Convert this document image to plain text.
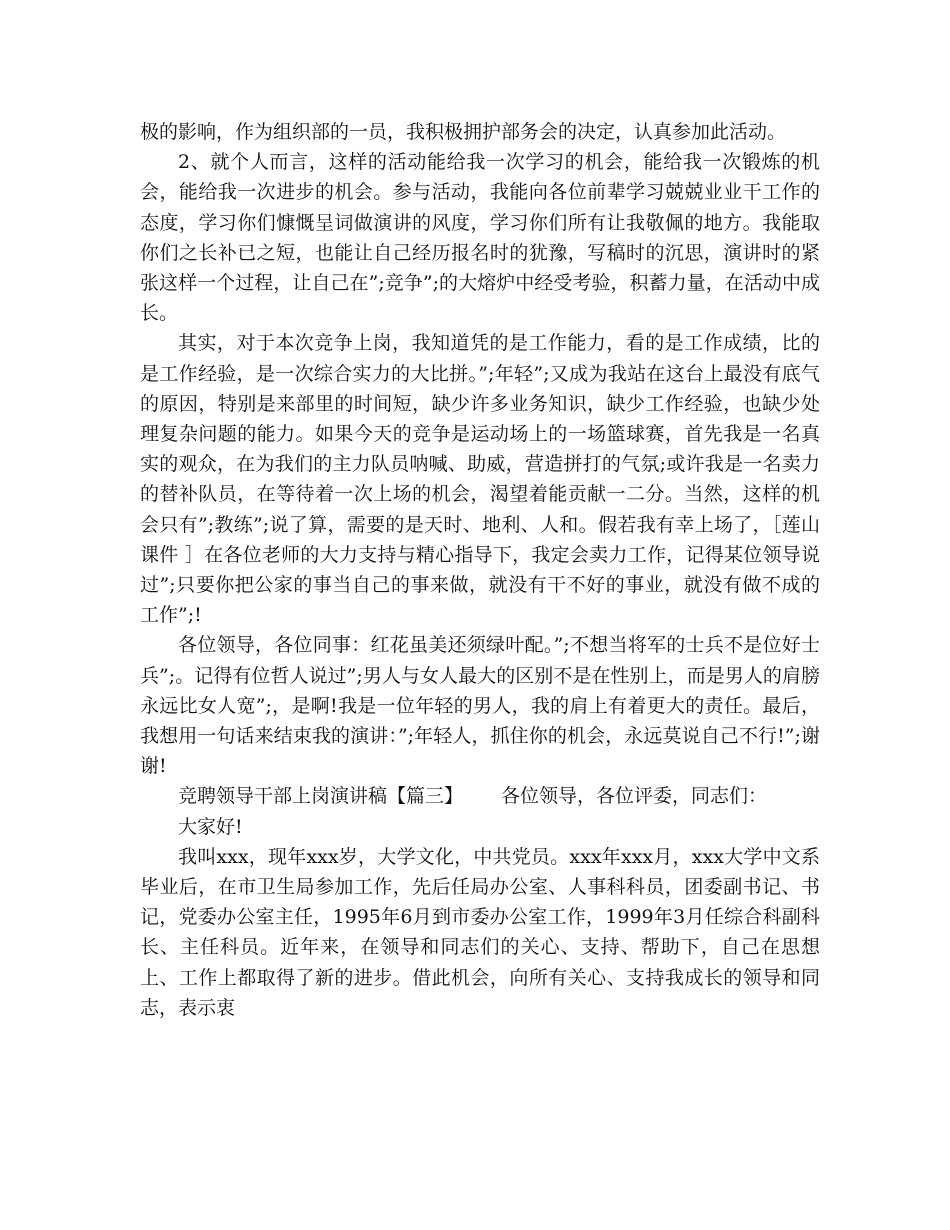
极的影响，作为组织部的一员，我积极拥护部务会的决定，认真参加此活动。

2、就个人而言，这样的活动能给我一次学习的机会，能给我一次锻炼的机会，能给我一次进步的机会。参与活动，我能向各位前辈学习兢兢业业干工作的态度，学习你们慷慨呈词做演讲的风度，学习你们所有让我敬佩的地方。我能取你们之长补已之短，也能让自己经历报名时的犹豫，写稿时的沉思，演讲时的紧张这样一个过程，让自己在”;竞争”;的大熔炉中经受考验，积蓄力量，在活动中成长。

其实，对于本次竞争上岗，我知道凭的是工作能力，看的是工作成绩，比的是工作经验，是一次综合实力的大比拼。”;年轻”;又成为我站在这台上最没有底气的原因，特别是来部里的时间短，缺少许多业务知识，缺少工作经验，也缺少处理复杂问题的能力。如果今天的竞争是运动场上的一场篮球赛，首先我是一名真实的观众，在为我们的主力队员呐喊、助威，营造拼打的气氛;或许我是一名卖力的替补队员，在等待着一次上场的机会，渴望着能贡献一二分。当然，这样的机会只有”;教练”;说了算，需要的是天时、地利、人和。假若我有幸上场了，［莲山 课件 ］在各位老师的大力支持与精心指导下，我定会卖力工作，记得某位领导说过”;只要你把公家的事当自己的事来做，就没有干不好的事业，就没有做不成的工作”;!

各位领导，各位同事：红花虽美还须绿叶配。”;不想当将军的士兵不是位好士兵”;。记得有位哲人说过”;男人与女人最大的区别不是在性别上，而是男人的肩膀永远比女人宽”;，是啊!我是一位年轻的男人，我的肩上有着更大的责任。最后，我想用一句话来结束我的演讲：”;年轻人，抓住你的机会，永远莫说自己不行!”;谢谢!

竞聘领导干部上岗演讲稿【篇三】 各位领导，各位评委，同志们：

大家好!

我叫xxx，现年xxx岁，大学文化，中共党员。xxx年xxx月，xxx大学中文系毕业后，在市卫生局参加工作，先后任局办公室、人事科科员，团委副书记、书记，党委办公室主任，1995年6月到市委办公室工作，1999年3月任综合科副科长、主任科员。近年来，在领导和同志们的关心、支持、帮助下，自己在思想上、工作上都取得了新的进步。借此机会，向所有关心、支持我成长的领导和同志，表示衷
